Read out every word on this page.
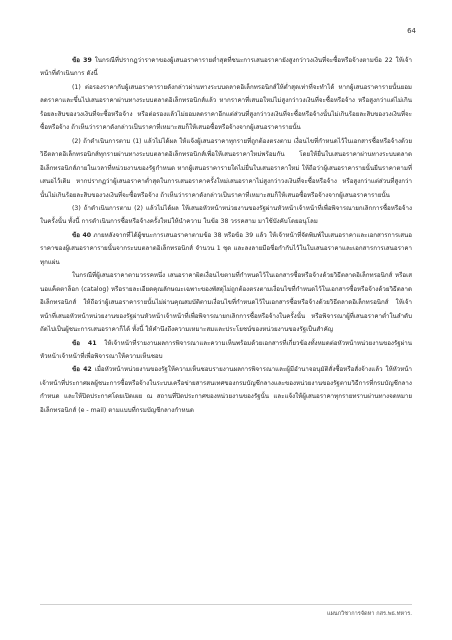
64

ข้อ 39 ในกรณีที่ปรากฏว่าราคาของผู้เสนอราคารายต่ำสุดที่ชนะการเสนอราคายังสูงกว่าวงเงินที่จะซื้อหรือจ้างตามข้อ 22 ให้เจ้าหน้าที่ดำเนินการ ดังนี้

(1) ต่อรองราคากับผู้เสนอราคารายดังกล่าวผ่านทางระบบตลาดอิเล็กทรอนิกส์ให้ต่ำสุดเท่าที่จะทำได้ หากผู้เสนอราคารายนั้นยอมลดราคาและขึ้นไปเสนอราคาผ่านทางระบบตลาดอิเล็กทรอนิกส์แล้ว หากราคาที่เสนอใหม่ไม่สูงกว่าวงเงินที่จะซื้อหรือจ้าง หรือสูงกว่าแต่ไม่เกินร้อยละสิบของวงเงินที่จะซื้อหรือจ้าง หรือต่อรองแล้วไม่ยอมลดราคาอีกแต่ส่วนที่สูงกว่าวงเงินที่จะซื้อหรือจ้างนั้นไม่เกินร้อยละสิบของวงเงินที่จะซื้อหรือจ้าง ถ้าเห็นว่าราคาดังกล่าวเป็นราคาที่เหมาะสมก็ให้เสนอซื้อหรือจ้างจากผู้เสนอราคารายนั้น

(2) ถ้าดำเนินการตาม (1) แล้วไม่ได้ผล ให้แจ้งผู้เสนอราคาทุกรายที่ถูกต้องตรงตาม เงื่อนไขที่กำหนดไว้ในเอกสารซื้อหรือจ้างด้วยวิธีตลาดอิเล็กทรอนิกส์ทุกรายผ่านทางระบบตลาดอิเล็กทรอนิกส์เพื่อให้เสนอราคาใหม่พร้อมกัน โดยให้ยื่นใบเสนอราคาผ่านทางระบบตลาดอิเล็กทรอนิกส์ภายในเวลาที่หน่วยงานของรัฐกำหนด หากผู้เสนอราคารายใดไม่ยื่นใบเสนอราคาใหม่ ให้ถือว่าผู้เสนอราคารายนั้นยืนราคาตามที่เสนอไว้เดิม หากปรากฏว่าผู้เสนอราคาต่ำสุดในการเสนอราคาครั้งใหม่เสนอราคาไม่สูงกว่าวงเงินที่จะซื้อหรือจ้าง หรือสูงกว่าแต่ส่วนที่สูงกว่านั้นไม่เกินร้อยละสิบของวงเงินที่จะซื้อหรือจ้าง ถ้าเห็นว่าราคาดังกล่าวเป็นราคาที่เหมาะสมก็ให้เสนอซื้อหรือจ้างจากผู้เสนอราคารายนั้น

(3) ถ้าดำเนินการตาม (2) แล้วไม่ได้ผล ให้เสนอหัวหน้าหน่วยงานของรัฐผ่านหัวหน้าเจ้าหน้าที่เพื่อพิจารณายกเลิกการซื้อหรือจ้างในครั้งนั้น ทั้งนี้ การดำเนินการซื้อหรือจ้างครั้งใหม่ให้นำความ ในข้อ 38 วรรคสาม มาใช้บังคับโดยอนุโลม

ข้อ 40 ภายหลังจากที่ได้ผู้ชนะการเสนอราคาตามข้อ 38 หรือข้อ 39 แล้ว ให้เจ้าหน้าที่จัดพิมพ์ใบเสนอราคาและเอกสารการเสนอราคาของผู้เสนอราคารายนั้นจากระบบตลาดอิเล็กทรอนิกส์ จำนวน 1 ชุด และลงลายมือชื่อกำกับไว้ในใบเสนอราคาและเอกสารการเสนอราคาทุกแผ่น

ในกรณีที่ผู้เสนอราคาตามวรรคหนึ่ง เสนอราคาผิดเงื่อนไขตามที่กำหนดไว้ในเอกสารซื้อหรือจ้างด้วยวิธีตลาดอิเล็กทรอนิกส์ หรือเสนอแค็ตตาล็อก (catalog) หรือรายละเอียดคุณลักษณะเฉพาะของพัสดุไม่ถูกต้องตรงตามเงื่อนไขที่กำหนดไว้ในเอกสารซื้อหรือจ้างด้วยวิธีตลาดอิเล็กทรอนิกส์ ให้ถือว่าผู้เสนอราคารายนั้นไม่ผ่านคุณสมบัติตามเงื่อนไขที่กำหนดไว้ในเอกสารซื้อหรือจ้างด้วยวิธีตลาดอิเล็กทรอนิกส์ ให้เจ้าหน้าที่เสนอหัวหน้าหน่วยงานของรัฐผ่านหัวหน้าเจ้าหน้าที่เพื่อพิจารณายกเลิกการซื้อหรือจ้างในครั้งนั้น หรือพิจารณาผู้ที่เสนอราคาต่ำในลำดับถัดไปเป็นผู้ชนะการเสนอราคาก็ได้ ทั้งนี้ ให้คำนึงถึงความเหมาะสมและประโยชน์ของหน่วยงานของรัฐเป็นสำคัญ

ข้อ 41 ให้เจ้าหน้าที่รายงานผลการพิจารณาและความเห็นพร้อมด้วยเอกสารที่เกี่ยวข้องทั้งหมดต่อหัวหน้าหน่วยงานของรัฐผ่านหัวหน้าเจ้าหน้าที่เพื่อพิจารณาให้ความเห็นชอบ

ข้อ 42 เมื่อหัวหน้าหน่วยงานของรัฐให้ความเห็นชอบรายงานผลการพิจารณาและผู้มีอำนาจอนุมัติสั่งซื้อหรือสั่งจ้างแล้ว ให้หัวหน้าเจ้าหน้าที่ประกาศผลผู้ชนะการซื้อหรือจ้างในระบบเครือข่ายสารสนเทศของกรมบัญชีกลางและของหน่วยงานของรัฐตามวิธีการที่กรมบัญชีกลางกำหนด และให้ปิดประกาศโดยเปิดเผย ณ สถานที่ปิดประกาศของหน่วยงานของรัฐนั้น และแจ้งให้ผู้เสนอราคาทุกรายทราบผ่านทางจดหมายอิเล็กทรอนิกส์ (e - mail) ตามแบบที่กรมบัญชีกลางกำหนด

แผนกวิชาการจัดหา กสร.พธ.ทหาร.
